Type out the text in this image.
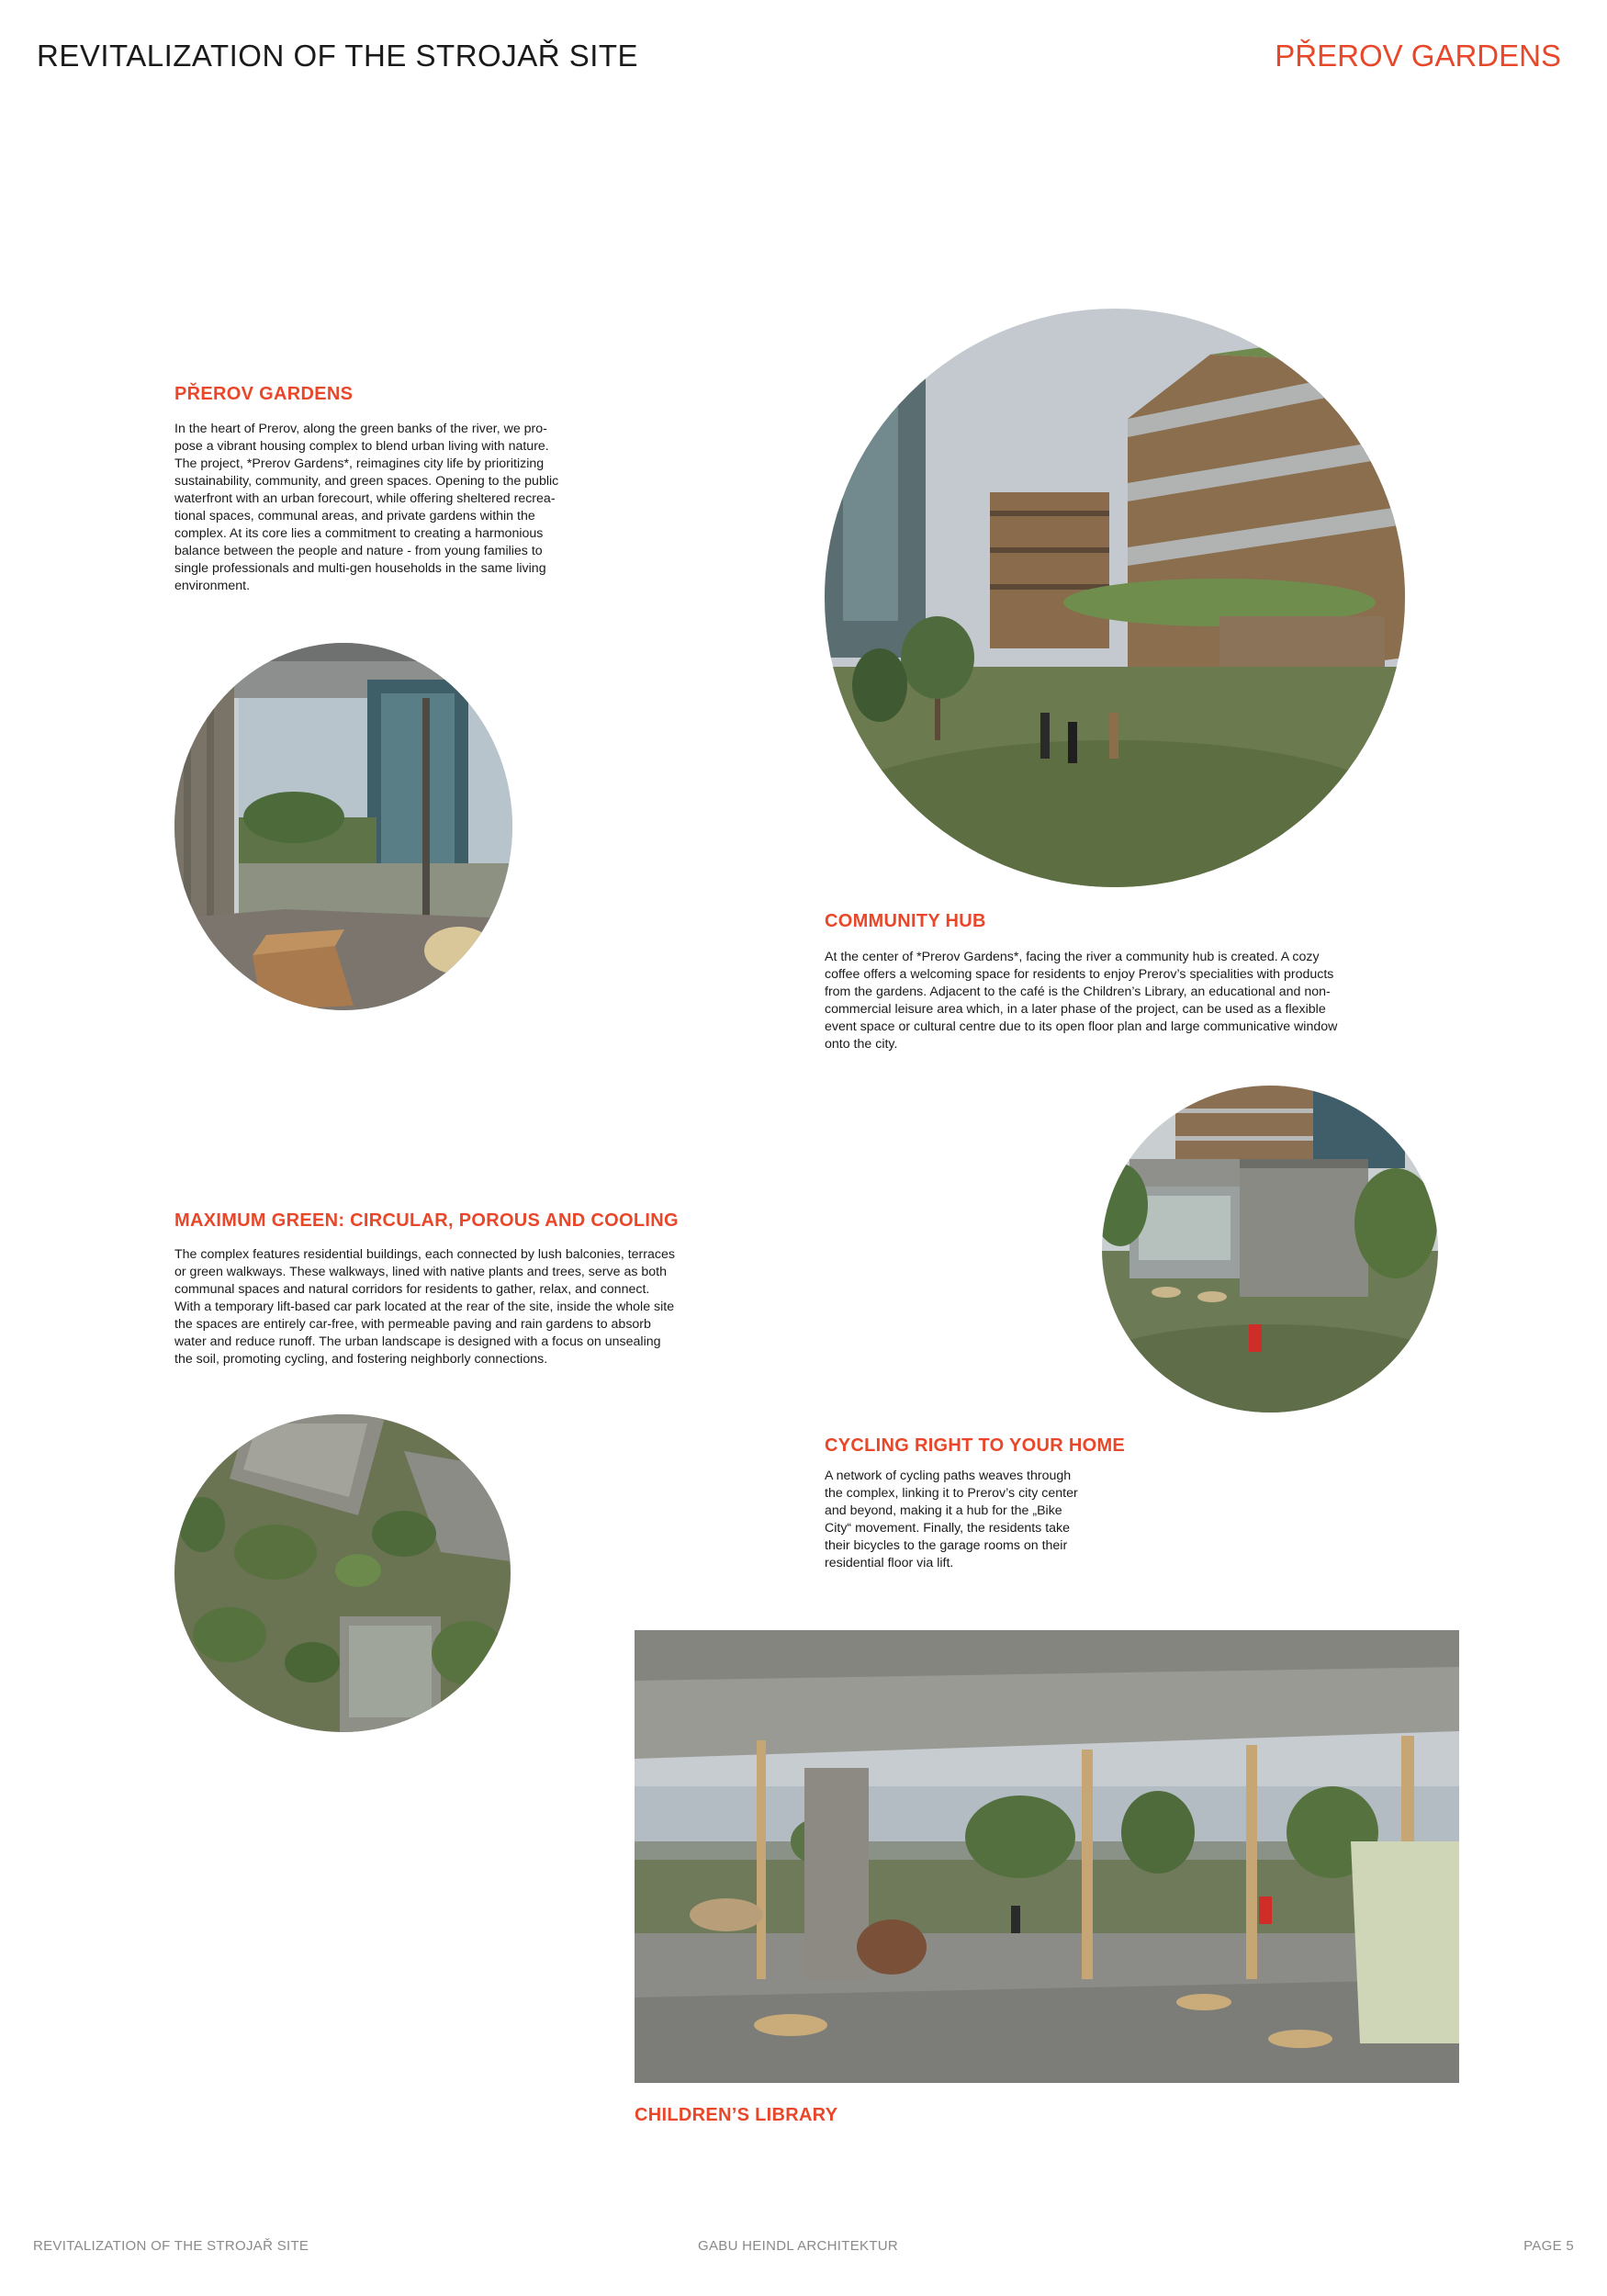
REVITALIZATION OF THE STROJAŘ SITE	PŘEROV GARDENS
PŘEROV GARDENS
In the heart of Prerov, along the green banks of the river, we pro-
pose a vibrant housing complex to blend urban living with nature.
The project, *Prerov Gardens*, reimagines city life by prioritizing
sustainability, community, and green spaces. Opening to the public
waterfront with an urban forecourt, while offering sheltered recrea-
tional spaces, communal areas, and private gardens within the
complex. At its core lies a commitment to creating a harmonious
balance between the people and nature - from young families to
single professionals and multi-gen households in the same living
environment.
COMMUNITY HUB
At the center of *Prerov Gardens*, facing the river a community hub is created. A cozy
coffee offers a welcoming space for residents to enjoy Prerov’s specialities with products
from the gardens. Adjacent to the café is the Children’s Library, an educational and non-
commercial leisure area which, in a later phase of the project, can be used as a flexible
event space or cultural centre due to its open floor plan and large communicative window
onto the city.
MAXIMUM GREEN: CIRCULAR, POROUS AND COOLING
The complex features residential buildings, each connected by lush balconies, terraces
or green walkways. These walkways, lined with native plants and trees, serve as both
communal spaces and natural corridors for residents to gather, relax, and connect.
With a temporary lift-based car park located at the rear of the site, inside the whole site
the spaces are entirely car-free, with permeable paving and rain gardens to absorb
water and reduce runoff. The urban landscape is designed with a focus on unsealing
the soil, promoting cycling, and fostering neighborly connections.
CYCLING RIGHT TO YOUR HOME
A network of cycling paths weaves through
the complex, linking it to Prerov’s city center
and beyond, making it a hub for the „Bike
City“ movement. Finally, the residents take
their bicycles to the garage rooms on their
residential floor via lift.
CHILDREN’S LIBRARY
REVITALIZATION OF THE STROJAŘ SITE	GABU HEINDL ARCHITEKTUR	PAGE 5
